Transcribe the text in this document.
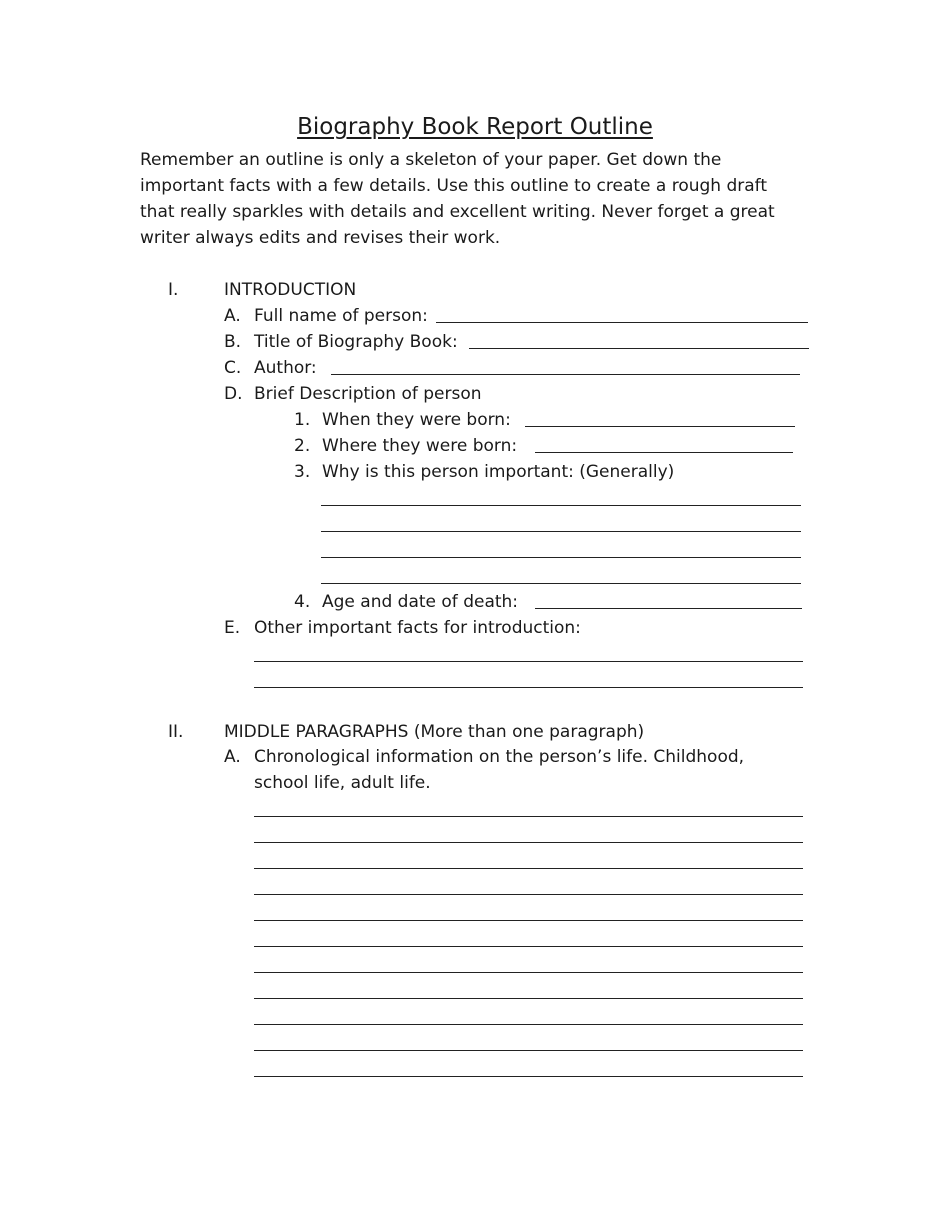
Biography Book Report Outline
Remember an outline is only a skeleton of your paper. Get down the
important facts with a few details. Use this outline to create a rough draft
that really sparkles with details and excellent writing. Never forget a great
writer always edits and revises their work.
I.	INTRODUCTION
A. Full name of person:
B. Title of Biography Book:
C. Author:
D. Brief Description of person
1. When they were born:
2. Where they were born:
3. Why is this person important: (Generally)
4. Age and date of death:
E. Other important facts for introduction:
II. MIDDLE PARAGRAPHS (More than one paragraph)
A. Chronological information on the person’s life. Childhood,
school life, adult life.
